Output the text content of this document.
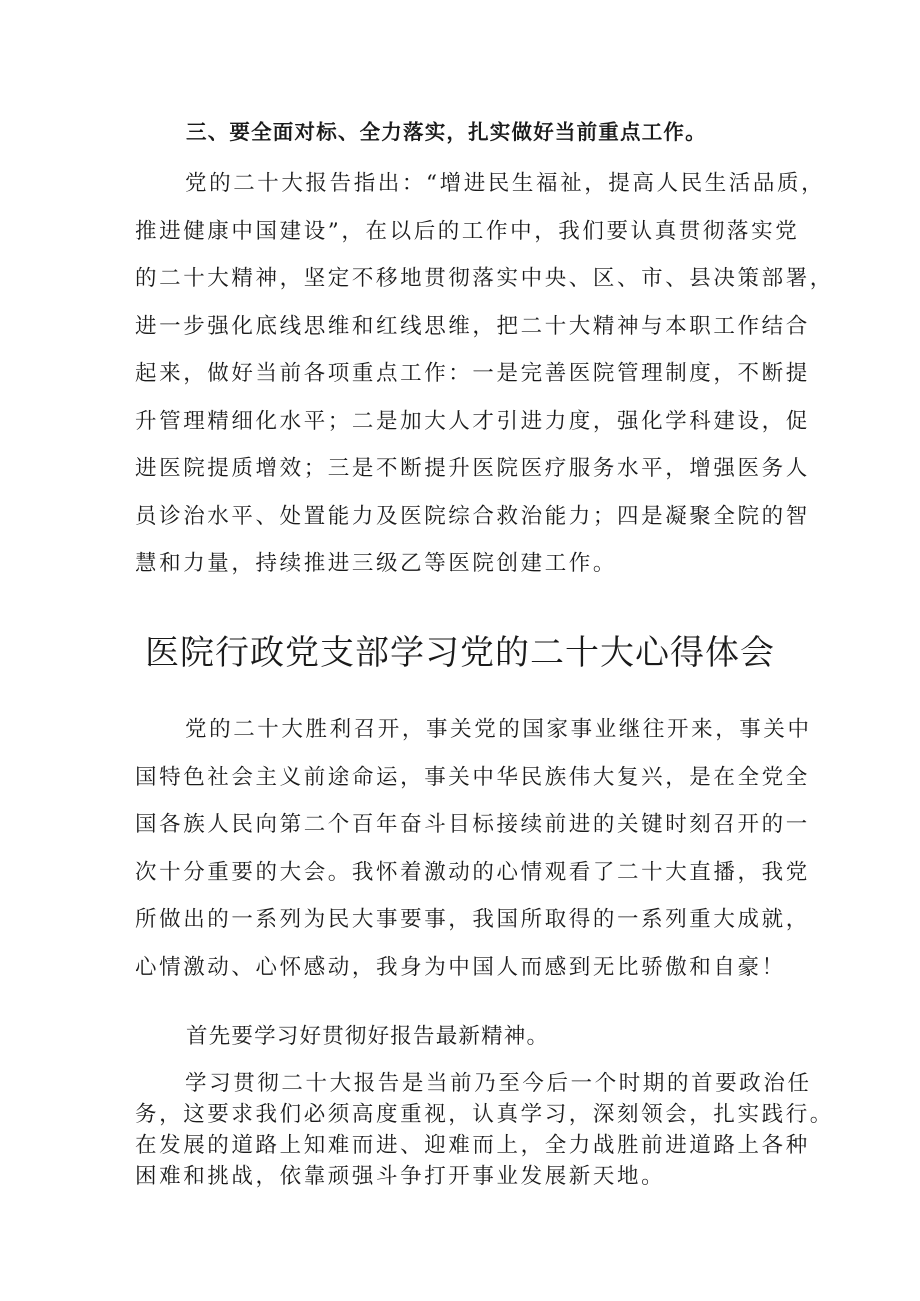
三、要全面对标、全力落实，扎实做好当前重点工作。
党的二十大报告指出：“增进民生福祉，提高人民生活品质，
推进健康中国建设”，在以后的工作中，我们要认真贯彻落实党
的二十大精神，坚定不移地贯彻落实中央、区、市、县决策部署，
进一步强化底线思维和红线思维，把二十大精神与本职工作结合
起来，做好当前各项重点工作：一是完善医院管理制度，不断提
升管理精细化水平；二是加大人才引进力度，强化学科建设，促
进医院提质增效；三是不断提升医院医疗服务水平，增强医务人
员诊治水平、处置能力及医院综合救治能力；四是凝聚全院的智
慧和力量，持续推进三级乙等医院创建工作。
医院行政党支部学习党的二十大心得体会
党的二十大胜利召开，事关党的国家事业继往开来，事关中
国特色社会主义前途命运，事关中华民族伟大复兴，是在全党全
国各族人民向第二个百年奋斗目标接续前进的关键时刻召开的一
次十分重要的大会。我怀着激动的心情观看了二十大直播，我党
所做出的一系列为民大事要事，我国所取得的一系列重大成就，
心情激动、心怀感动，我身为中国人而感到无比骄傲和自豪！
首先要学习好贯彻好报告最新精神。
学习贯彻二十大报告是当前乃至今后一个时期的首要政治任
务，这要求我们必须高度重视，认真学习，深刻领会，扎实践行。
在发展的道路上知难而进、迎难而上，全力战胜前进道路上各种
困难和挑战，依靠顽强斗争打开事业发展新天地。
